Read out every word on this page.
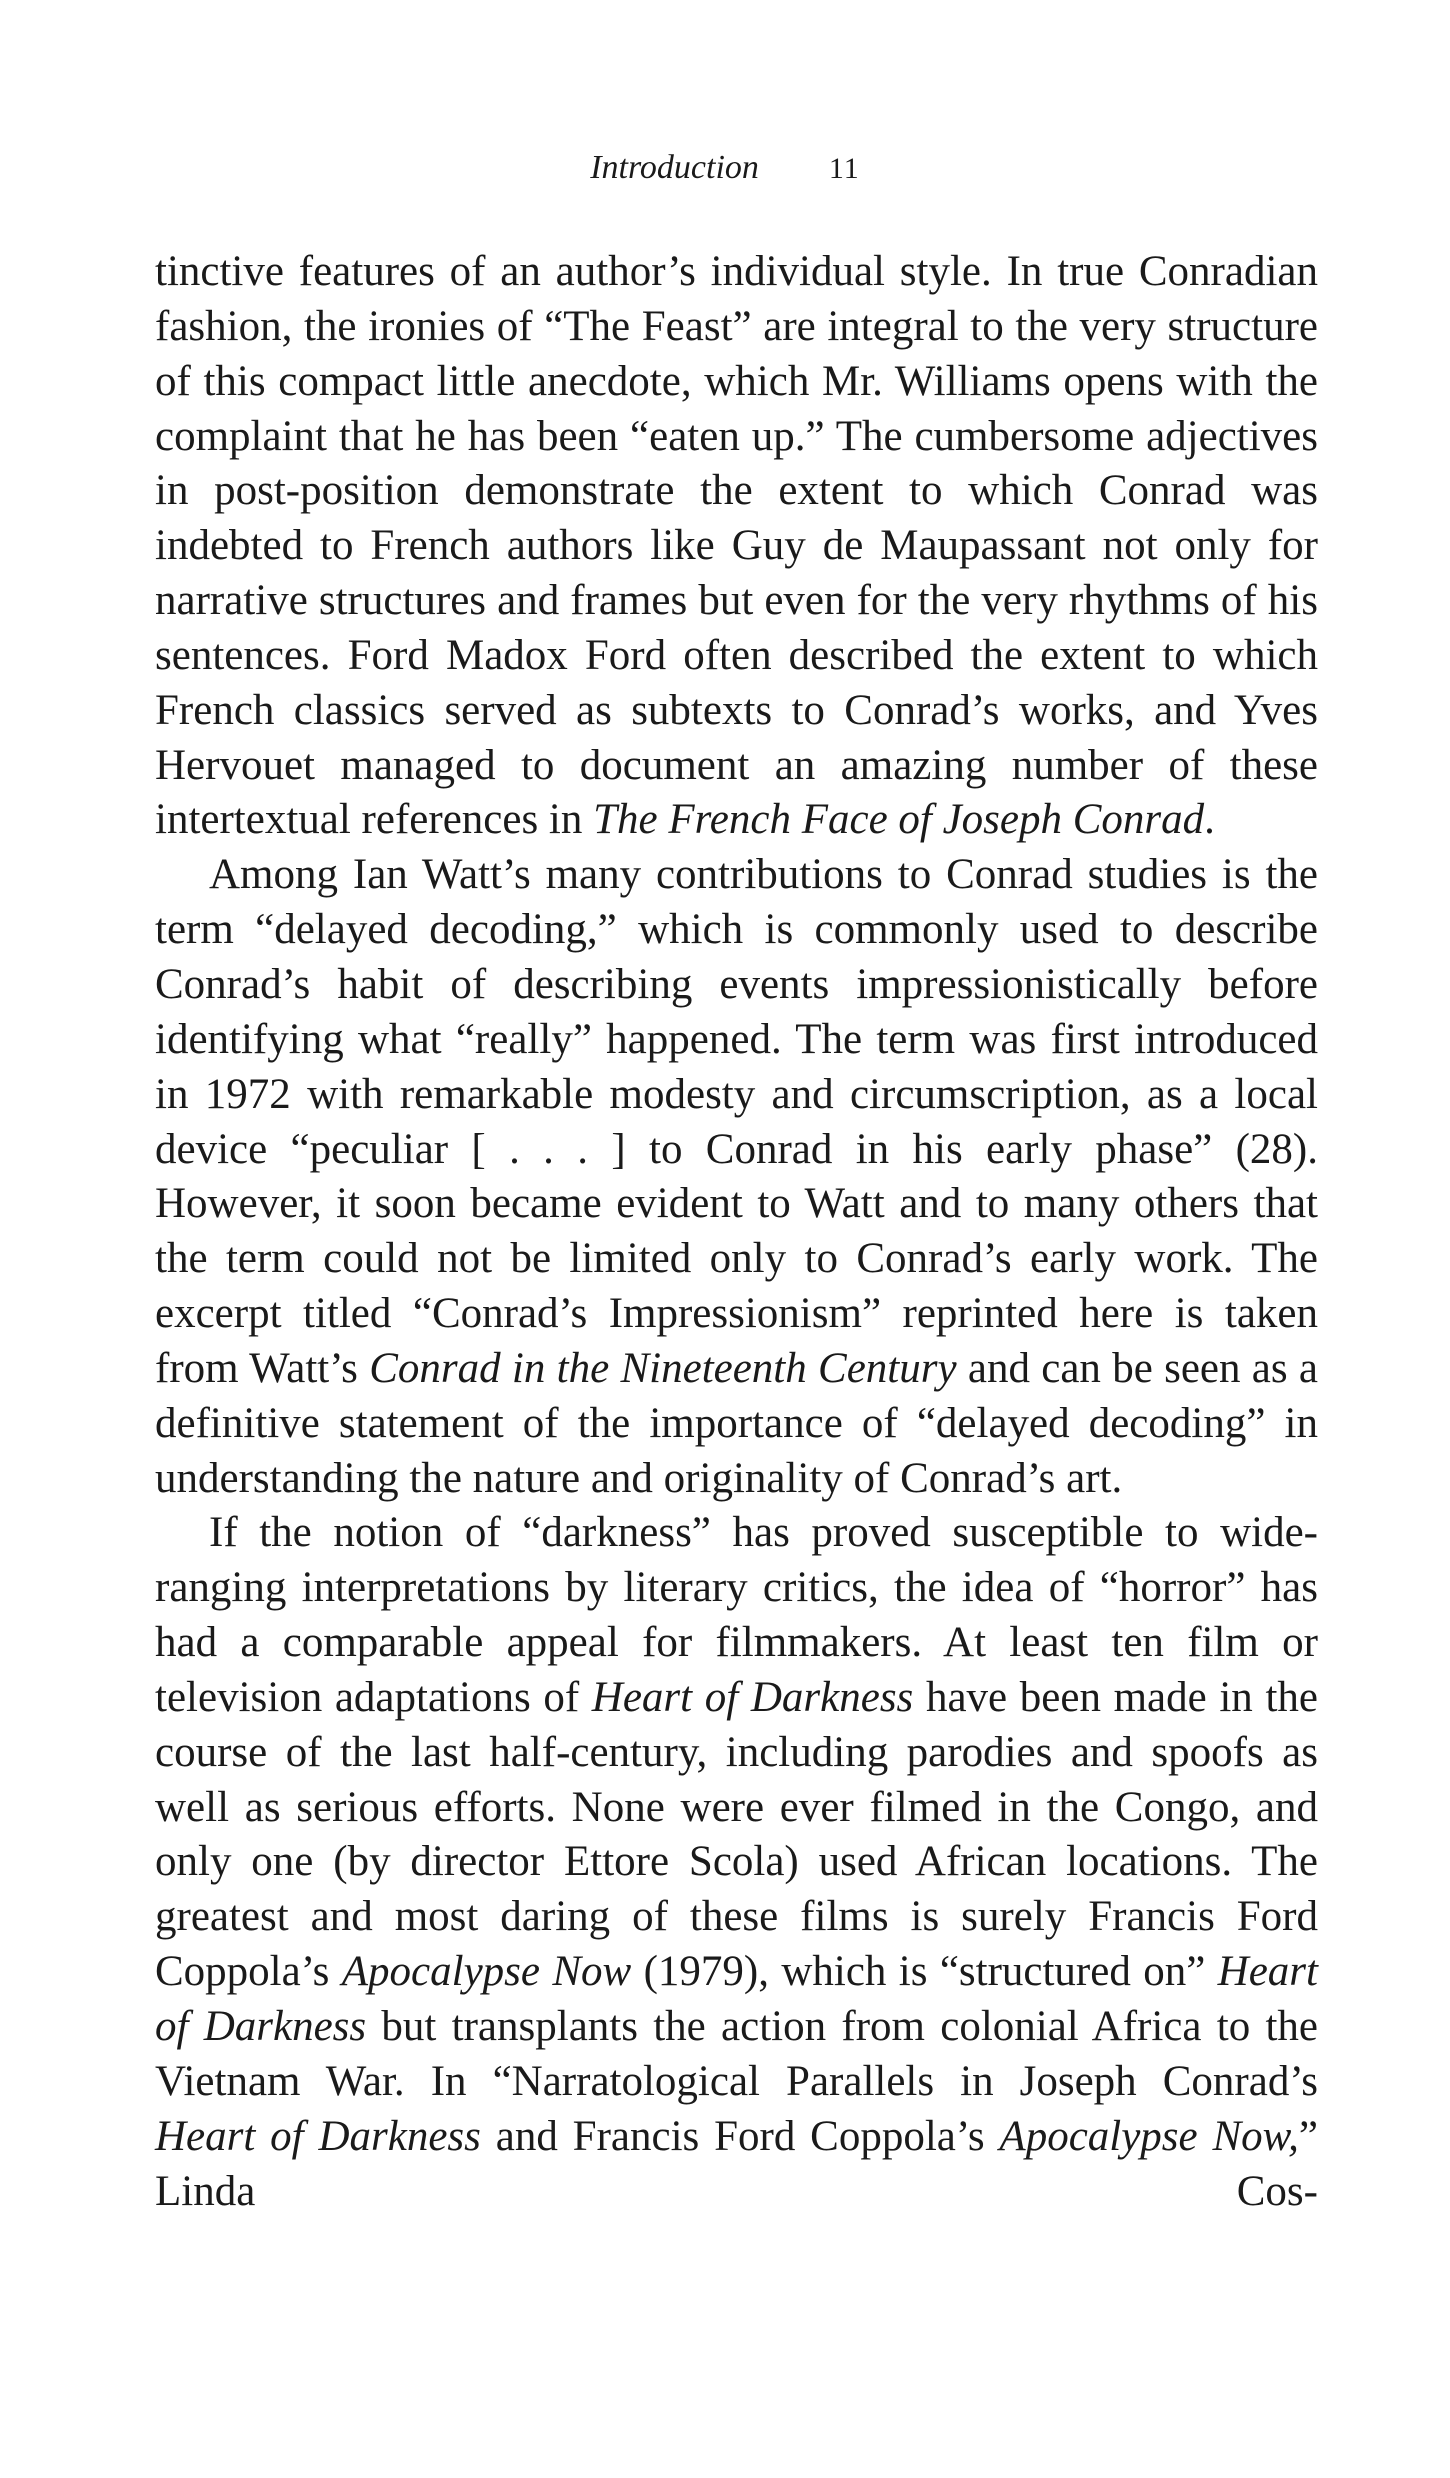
Introduction 11

tinctive features of an author’s individual style. In true Conradian fashion, the ironies of “The Feast” are integral to the very structure of this compact little anecdote, which Mr. Williams opens with the complaint that he has been “eaten up.” The cumbersome adjectives in post-position demonstrate the extent to which Conrad was indebted to French authors like Guy de Maupassant not only for narrative structures and frames but even for the very rhythms of his sentences. Ford Madox Ford often described the extent to which French classics served as subtexts to Conrad’s works, and Yves Hervouet managed to document an amazing number of these intertextual references in The French Face of Joseph Conrad.

Among Ian Watt’s many contributions to Conrad studies is the term “delayed decoding,” which is commonly used to describe Conrad’s habit of describing events impressionistically before identifying what “really” happened. The term was first introduced in 1972 with remarkable modesty and circumscription, as a local device “peculiar [ . . . ] to Conrad in his early phase” (28). However, it soon became evident to Watt and to many others that the term could not be limited only to Conrad’s early work. The excerpt titled “Conrad’s Impressionism” reprinted here is taken from Watt’s Conrad in the Nineteenth Century and can be seen as a definitive statement of the importance of “delayed decoding” in understanding the nature and originality of Conrad’s art.

If the notion of “darkness” has proved susceptible to wide-ranging interpretations by literary critics, the idea of “horror” has had a comparable appeal for filmmakers. At least ten film or television adaptations of Heart of Darkness have been made in the course of the last half-century, including parodies and spoofs as well as serious efforts. None were ever filmed in the Congo, and only one (by director Ettore Scola) used African locations. The greatest and most daring of these films is surely Francis Ford Coppola’s Apocalypse Now (1979), which is “structured on” Heart of Darkness but transplants the action from colonial Africa to the Vietnam War. In “Narratological Parallels in Joseph Conrad’s Heart of Darkness and Francis Ford Coppola’s Apocalypse Now,” Linda Cos-
